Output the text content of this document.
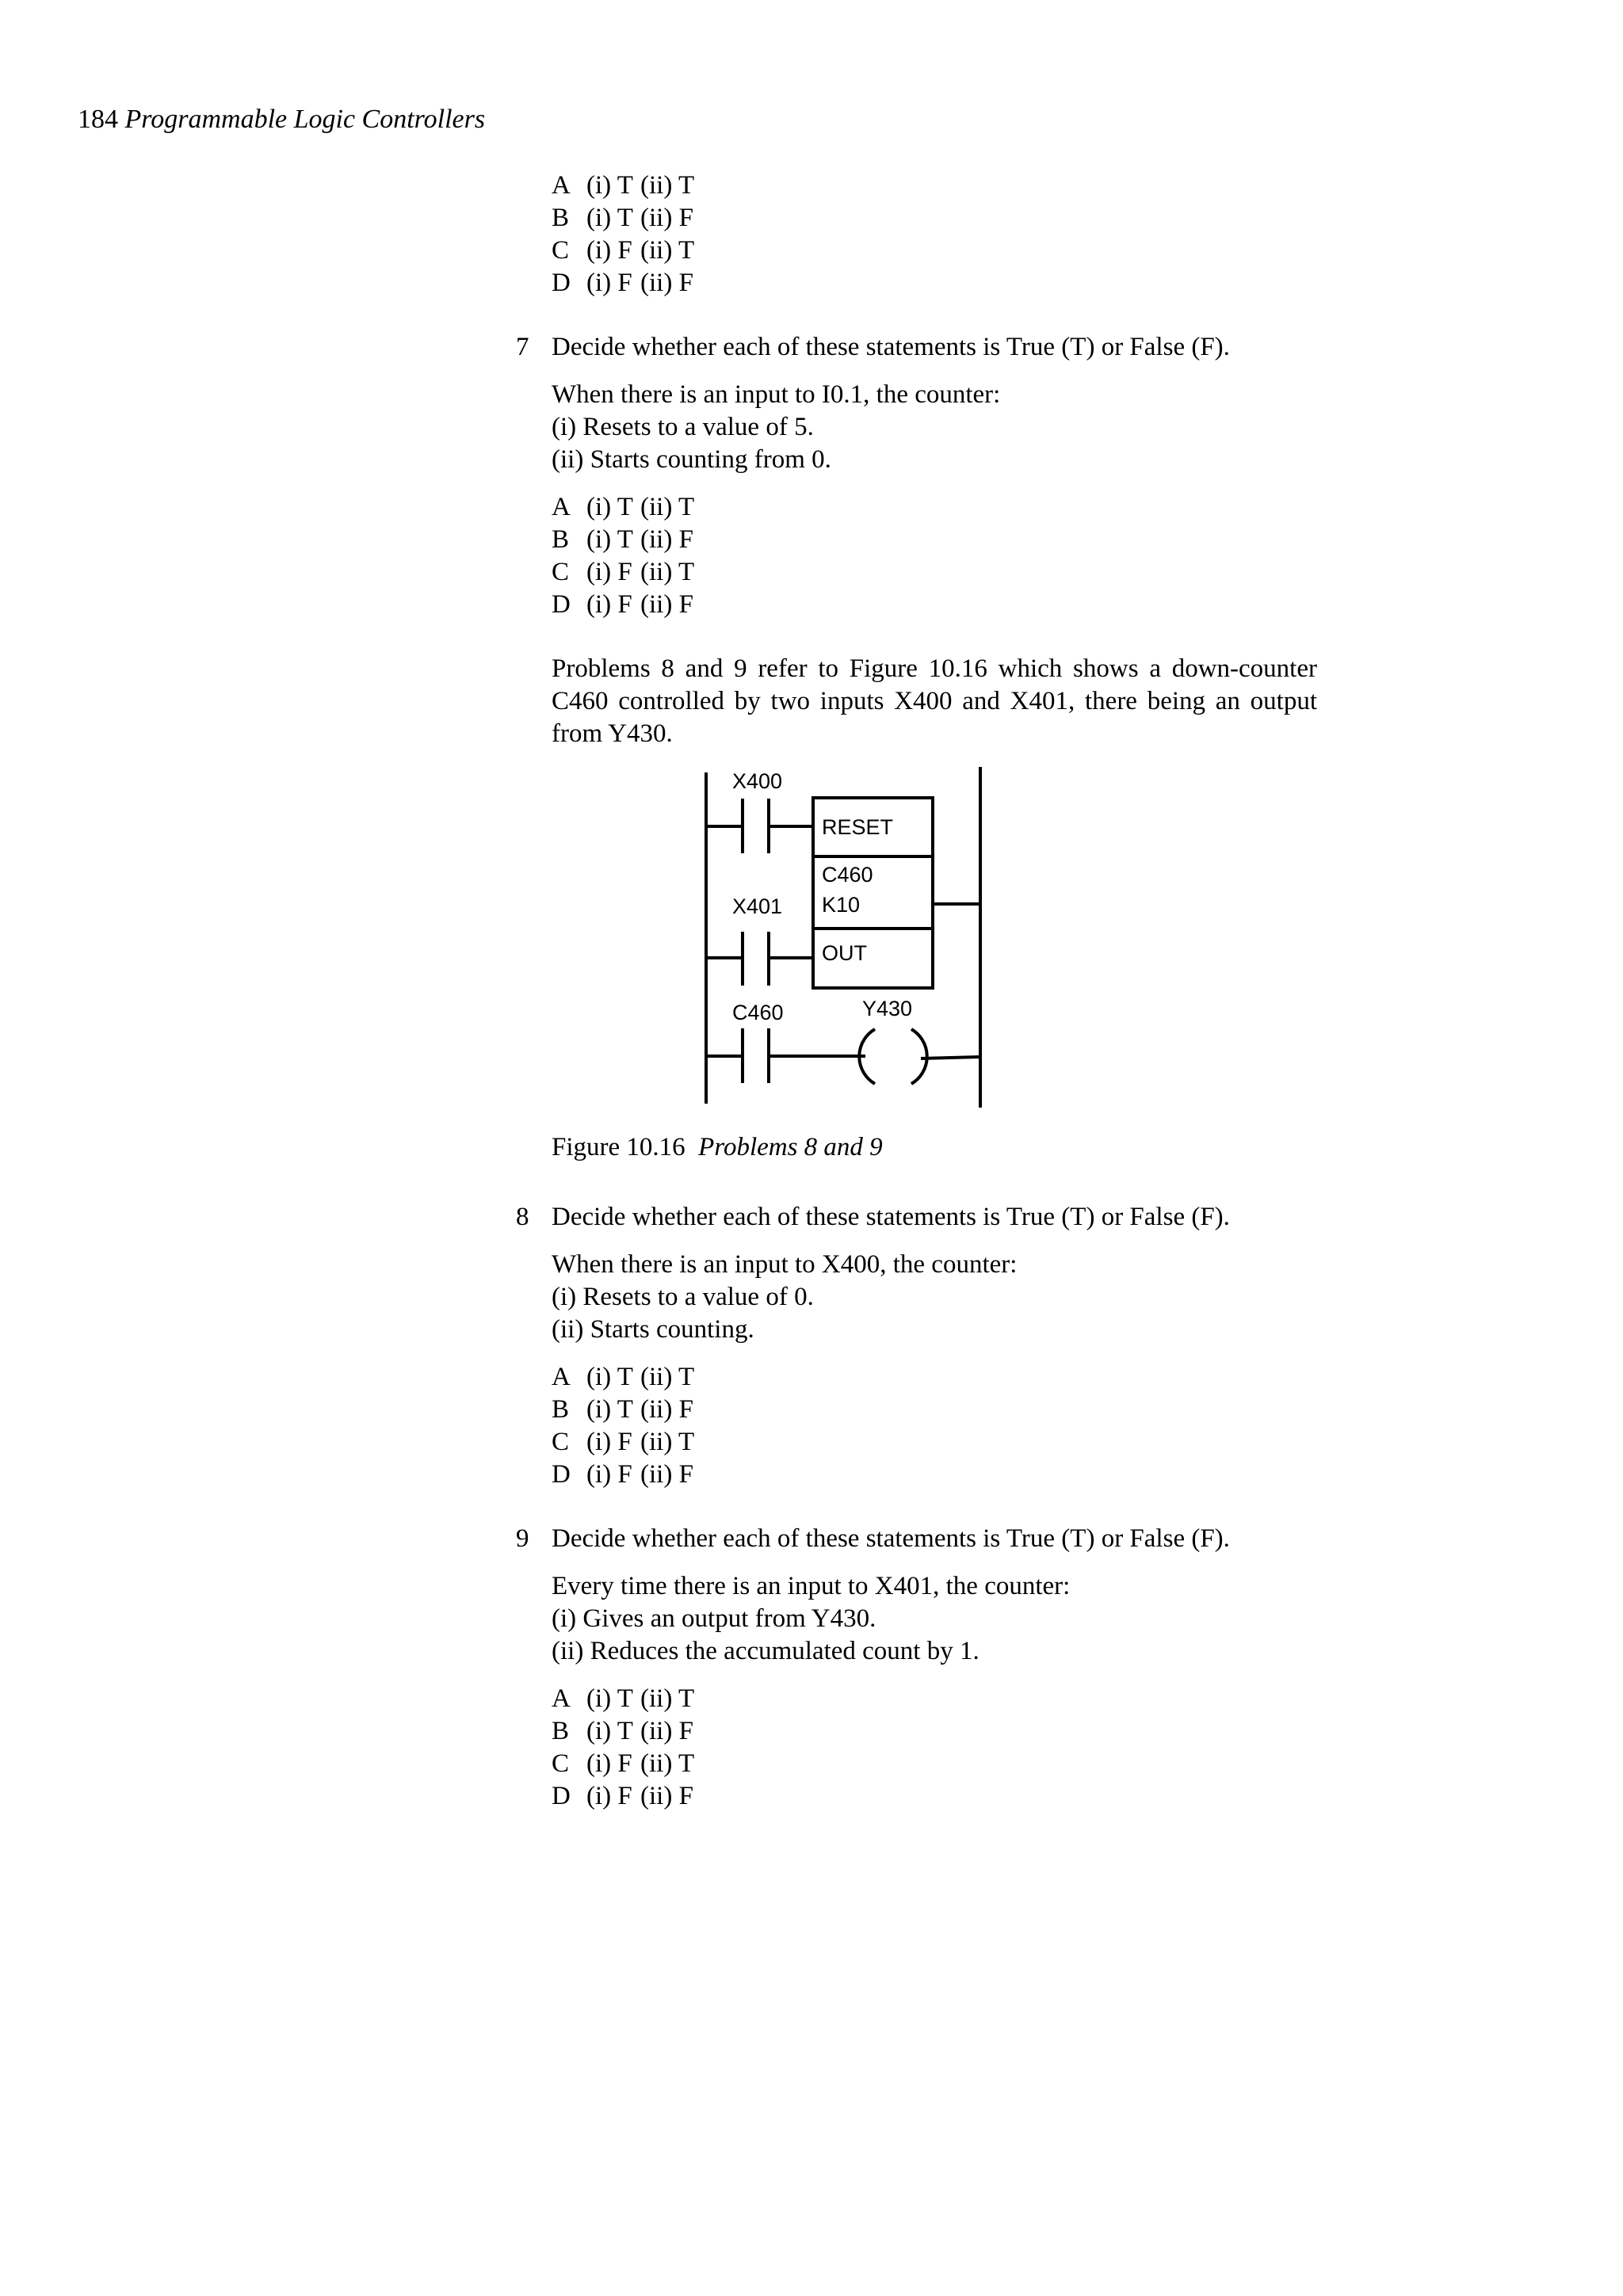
184 Programmable Logic Controllers
A (i) T (ii) T
B (i) T (ii) F
C (i) F (ii) T
D (i) F (ii) F
7 Decide whether each of these statements is True (T) or False (F).
When there is an input to I0.1, the counter:
(i) Resets to a value of 5.
(ii) Starts counting from 0.
A (i) T (ii) T
B (i) T (ii) F
C (i) F (ii) T
D (i) F (ii) F
Problems 8 and 9 refer to Figure 10.16 which shows a down-counter C460 controlled by two inputs X400 and X401, there being an output from Y430.
X400
RESET
C460
K10
X401
OUT
C460	Y430
Figure 10.16 Problems 8 and 9
8 Decide whether each of these statements is True (T) or False (F).
When there is an input to X400, the counter:
(i) Resets to a value of 0.
(ii) Starts counting.
A (i) T (ii) T
B (i) T (ii) F
C (i) F (ii) T
D (i) F (ii) F
9 Decide whether each of these statements is True (T) or False (F).
Every time there is an input to X401, the counter:
(i) Gives an output from Y430.
(ii) Reduces the accumulated count by 1.
A (i) T (ii) T
B (i) T (ii) F
C (i) F (ii) T
D (i) F (ii) F
